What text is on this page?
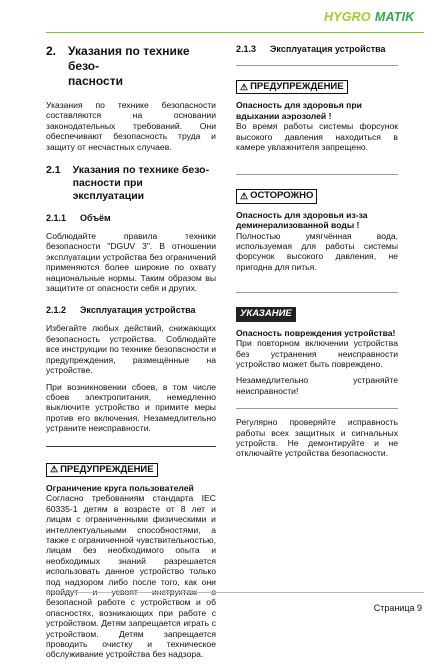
HYGRO MATIK
2. Указания по технике безо-
пасности

Указания по технике безопасности составляются на основании законодательных требований. Они обеспечивают безопасность труда и защиту от несчастных случаев.

2.1 Указания по технике безо-
пасности при эксплуатации
2.1.1 Объём

Соблюдайте правила техники безопасности "DGUV 3". В отношении эксплуатации устройства без ограничений применяются более широкие по охвату национальные нормы. Таким образом вы защитите от опасности себя и других.

2.1.2 Эксплуатация устройства

Избегайте любых действий, снижающих безопасность устройства. Соблюдайте все инструкции по технике безопасности и предупреждения, размещённые на устройстве.

При возникновении сбоев, в том числе сбоев электропитания, немедленно выключите устройство и примите меры против его включения. Незамедлительно устраните неисправности.

⚠ ПРЕДУПРЕЖДЕНИЕ
Ограничение круга пользователей

Согласно требованиям стандарта IEC 60335-1 детям в возрасте от 8 лет и лицам с ограниченными физическими и интеллектуальными способностями, а также с ограниченной чувствительностью, лицам без необходимого опыта и необходимых знаний разрешается использовать данное устройство только под надзором либо после того, как они пройдут и усвоят инструктаж о безопасной работе с устройством и об опасностях, возникающих при работе с устройством. Детям запрещается играть с устройством. Детям запрещается проводить очистку и техническое обслуживание устройства без надзора.

2.1.3 Эксплуатация устройства
⚠ ПРЕДУПРЕЖДЕНИЕ
Опасность для здоровья при вдыхании аэрозолей !

Во время работы системы форсунок высокого давления находиться в камере увлажнителя запрещено.

⚠ ОСТОРОЖНО
Опасность для здоровья из-за деминерализованной воды !

Полностью умягчённая вода, используемая для работы системы форсунок высокого давления, не пригодна для питья.

УКАЗАНИЕ
Опасность повреждения устройства!

При повторном включении устройства без устранения неисправности устройство может быть повреждено.

Незамедлительно устраняйте неисправности!

Регулярно проверяйте исправность работы всех защитных и сигнальных устройств. Не демонтируйте и не отключайте устройства безопасности.

Страница 9
